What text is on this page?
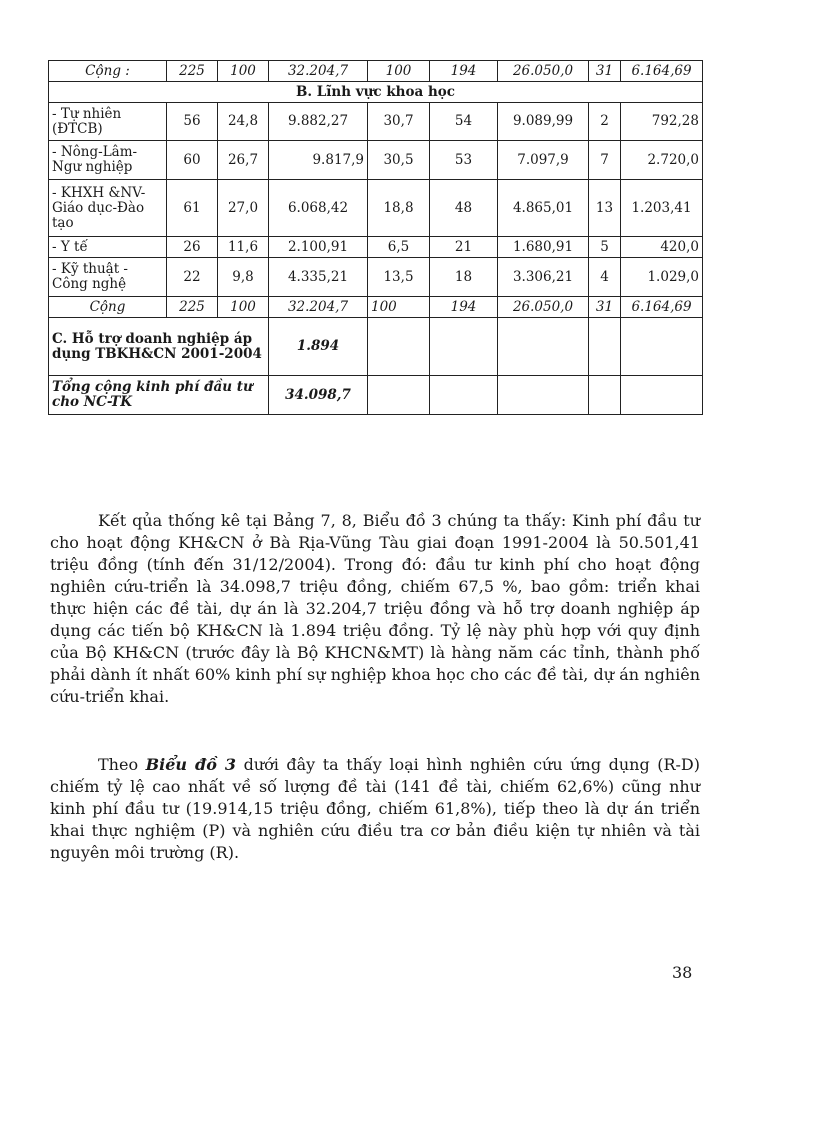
Cộng :	225	100	32.204,7	100	194	26.050,0	31	6.164,69
B. Lĩnh vực khoa học								
- Tự nhiên (ĐTCB)	56	24,8	9.882,27	30,7	54	9.089,99	2	792,28
- Nông-Lâm-Ngư nghiệp	60	26,7	9.817,9	30,5	53	7.097,9	7	2.720,0
- KHXH &NV- Giáo dục-Đào tạo	61	27,0	6.068,42	18,8	48	4.865,01	13	1.203,41
- Y tế	26	11,6	2.100,91	6,5	21	1.680,91	5	420,0
- Kỹ thuật - Công nghệ	22	9,8	4.335,21	13,5	18	3.306,21	4	1.029,0
Cộng	225	100	32.204,7	100	194	26.050,0	31	6.164,69
C. Hỗ trợ doanh nghiệp áp dụng TBKH&CN 2001-2004			1.894					
Tổng cộng kinh phí đầu tư cho NC-TK			34.098,7					

Kết qủa thống kê tại Bảng 7, 8, Biểu đồ 3 chúng ta thấy: Kinh phí đầu tư cho hoạt động KH&CN ở Bà Rịa-Vũng Tàu giai đoạn 1991-2004 là 50.501,41 triệu đồng (tính đến 31/12/2004). Trong đó: đầu tư kinh phí cho hoạt động nghiên cứu-triển là 34.098,7 triệu đồng, chiếm 67,5 %, bao gồm: triển khai thực hiện các đề tài, dự án là 32.204,7 triệu đồng và hỗ trợ doanh nghiệp áp dụng các tiến bộ KH&CN là 1.894 triệu đồng. Tỷ lệ này phù hợp với quy định của Bộ KH&CN (trước đây là Bộ KHCN&MT) là hàng năm các tỉnh, thành phố phải dành ít nhất 60% kinh phí sự nghiệp khoa học cho các đề tài, dự án nghiên cứu-triển khai.

Theo Biểu đồ 3 dưới đây ta thấy loại hình nghiên cứu ứng dụng (R-D) chiếm tỷ lệ cao nhất về số lượng đề tài (141 đề tài, chiếm 62,6%) cũng như kinh phí đầu tư (19.914,15 triệu đồng, chiếm 61,8%), tiếp theo là dự án triển khai thực nghiệm (P) và nghiên cứu điều tra cơ bản điều kiện tự nhiên và tài nguyên môi trường (R).

38
